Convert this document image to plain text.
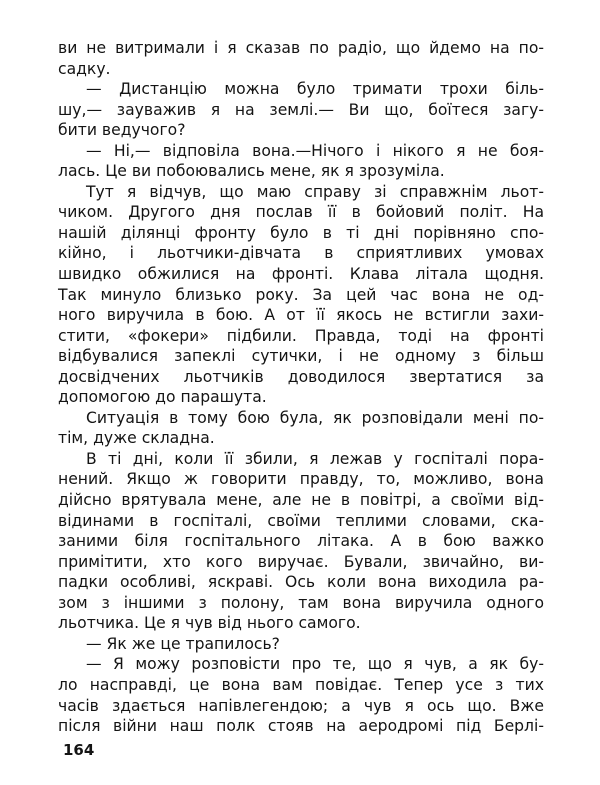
ви не витримали і я сказав по радіо, що йдемо на по-
садку.
— Дистанцію можна було тримати трохи біль-
шу,— зауважив я на землі.— Ви що, боїтеся загу-
бити ведучого?
— Ні,— відповіла вона.—Нічого і нікого я не боя-
лась. Це ви побоювались мене, як я зрозуміла.
Тут я відчув, що маю справу зі справжнім льот-
чиком. Другого дня послав її в бойовий політ. На
нашій ділянці фронту було в ті дні порівняно спо-
кійно, і льотчики-дівчата в сприятливих умовах
швидко обжилися на фронті. Клава літала щодня.
Так минуло близько року. За цей час вона не од-
ного виручила в бою. А от її якось не встигли захи-
стити, «фокери» підбили. Правда, тоді на фронті
відбувалися запеклі сутички, і не одному з більш
досвідчених льотчиків доводилося звертатися за
допомогою до парашута.
Ситуація в тому бою була, як розповідали мені по-
тім, дуже складна.
В ті дні, коли її збили, я лежав у госпіталі пора-
нений. Якщо ж говорити правду, то, можливо, вона
дійсно врятувала мене, але не в повітрі, а своїми від-
відинами в госпіталі, своїми теплими словами, ска-
заними біля госпітального літака. А в бою важко
примітити, хто кого виручає. Бували, звичайно, ви-
падки особливі, яскраві. Ось коли вона виходила ра-
зом з іншими з полону, там вона виручила одного
льотчика. Це я чув від нього самого.
— Як же це трапилось?
— Я можу розповісти про те, що я чув, а як бу-
ло насправді, це вона вам повідає. Тепер усе з тих
часів здається напівлегендою; а чув я ось що. Вже
після війни наш полк стояв на аеродромі під Берлі-
164
